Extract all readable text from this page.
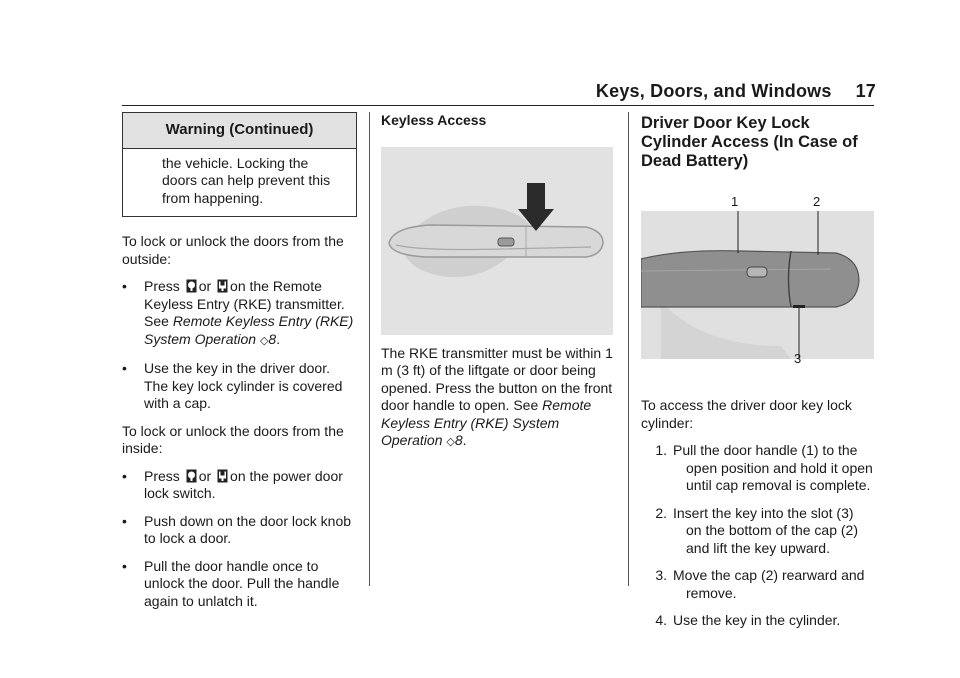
Keys, Doors, and Windows 17
Warning (Continued)
the vehicle. Locking the doors can help prevent this from happening.

To lock or unlock the doors from the outside:

•	Press or on the Remote Keyless Entry (RKE) transmitter. See Remote Keyless Entry (RKE) System Operation ◇8.
•	Use the key in the driver door. The key lock cylinder is covered with a cap.

To lock or unlock the doors from the inside:

•	Press or on the power door lock switch.
•	Push down on the door lock knob to lock a door.
•	Pull the door handle once to unlock the door. Pull the handle again to unlatch it.
Keyless Access

The RKE transmitter must be within 1 m (3 ft) of the liftgate or door being opened. Press the button on the front door handle to open. See Remote Keyless Entry (RKE) System Operation ◇8.

Driver Door Key Lock Cylinder Access (In Case of Dead Battery)
1	2
3

To access the driver door key lock cylinder:

1. Pull the door handle (1) to the
open position and hold it open until cap removal is complete.
2. Insert the key into the slot (3)
on the bottom of the cap (2) and lift the key upward.
3. Move the cap (2) rearward and
remove.
4. Use the key in the cylinder.
